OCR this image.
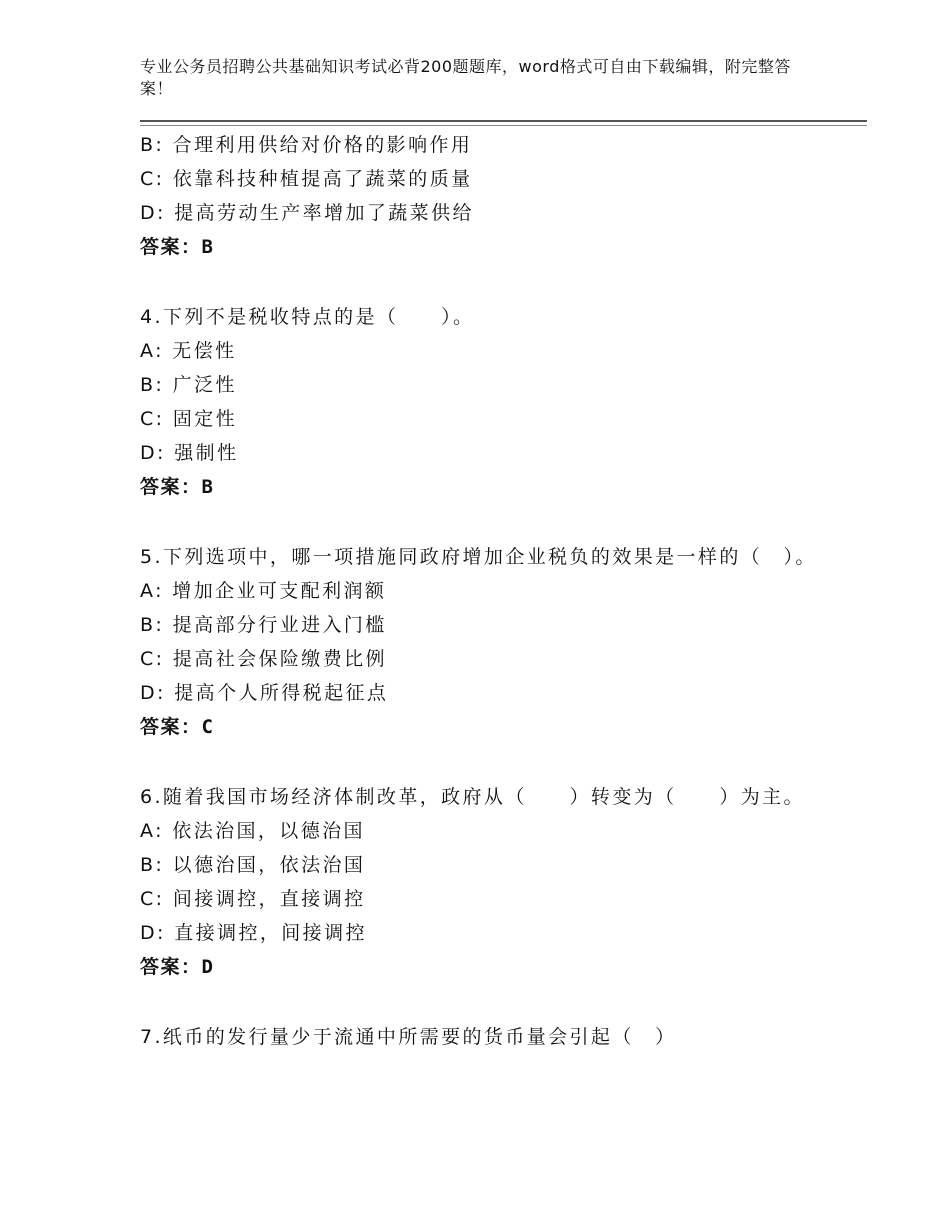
专业公务员招聘公共基础知识考试必背200题题库，word格式可自由下载编辑，附完整答案！
B: 合理利用供给对价格的影响作用
C: 依靠科技种植提高了蔬菜的质量
D: 提高劳动生产率增加了蔬菜供给
答案：B
4.下列不是税收特点的是（　　）。
A: 无偿性
B: 广泛性
C: 固定性
D: 强制性
答案：B
5.下列选项中，哪一项措施同政府增加企业税负的效果是一样的（　）。
A: 增加企业可支配利润额
B: 提高部分行业进入门槛
C: 提高社会保险缴费比例
D: 提高个人所得税起征点
答案：C
6.随着我国市场经济体制改革，政府从（　　）转变为（　　）为主。
A: 依法治国，以德治国
B: 以德治国，依法治国
C: 间接调控，直接调控
D: 直接调控，间接调控
答案：D
7.纸币的发行量少于流通中所需要的货币量会引起（　）
